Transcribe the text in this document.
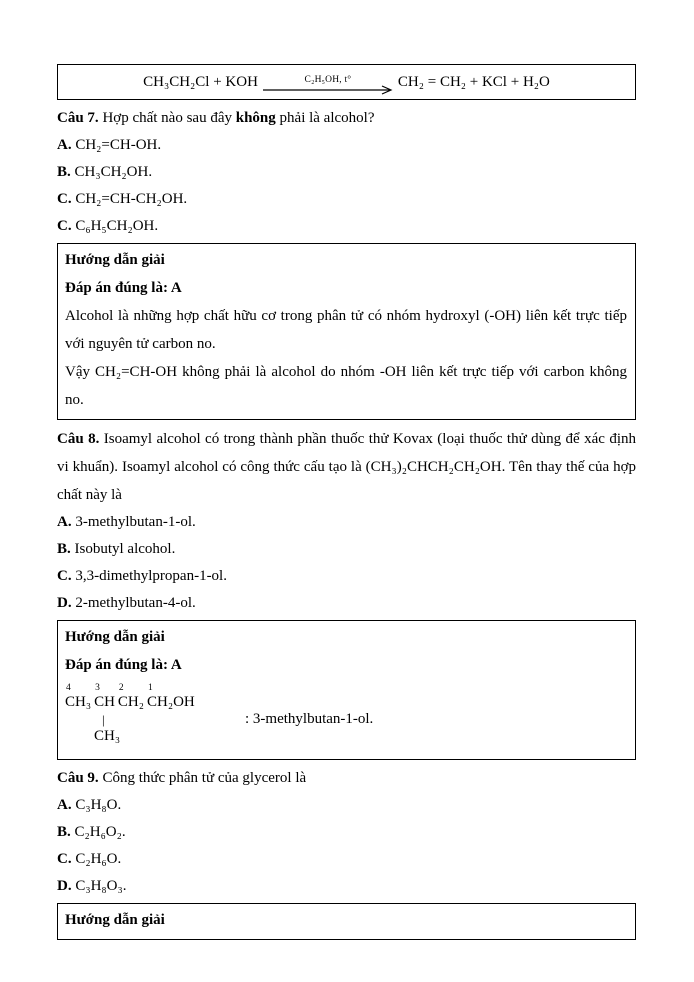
CH₃CH₂Cl + KOH	C₂H₅OH, t°	CH₂ = CH₂ + KCl + H₂O

Câu 7. Hợp chất nào sau đây không phải là alcohol?

A. CH₂=CH-OH.

B. CH₃CH₂OH.

C. CH₂=CH-CH₂OH.

C. C₆H₅CH₂OH.

Hướng dẫn giải

Đáp án đúng là: A

Alcohol là những hợp chất hữu cơ trong phân tử có nhóm hydroxyl (-OH) liên kết trực tiếp với nguyên tử carbon no.

Vậy CH₂=CH-OH không phải là alcohol do nhóm -OH liên kết trực tiếp với carbon không no.

Câu 8. Isoamyl alcohol có trong thành phần thuốc thử Kovax (loại thuốc thử dùng để xác định vi khuẩn). Isoamyl alcohol có công thức cấu tạo là (CH₃)₂CHCH₂CH₂OH. Tên thay thế của hợp chất này là

A. 3-methylbutan-1-ol.

B. Isobutyl alcohol.

C. 3,3-dimethylpropan-1-ol.

D. 2-methylbutan-4-ol.

Hướng dẫn giải

Đáp án đúng là: A

4
CH₃
3
CH
2
CH₂
1
CH₂OH
|
CH₃
: 3-methylbutan-1-ol.

Câu 9. Công thức phân tử của glycerol là

A. C₃H₈O.

B. C₂H₆O₂.

C. C₂H₆O.

D. C₃H₈O₃.

Hướng dẫn giải
